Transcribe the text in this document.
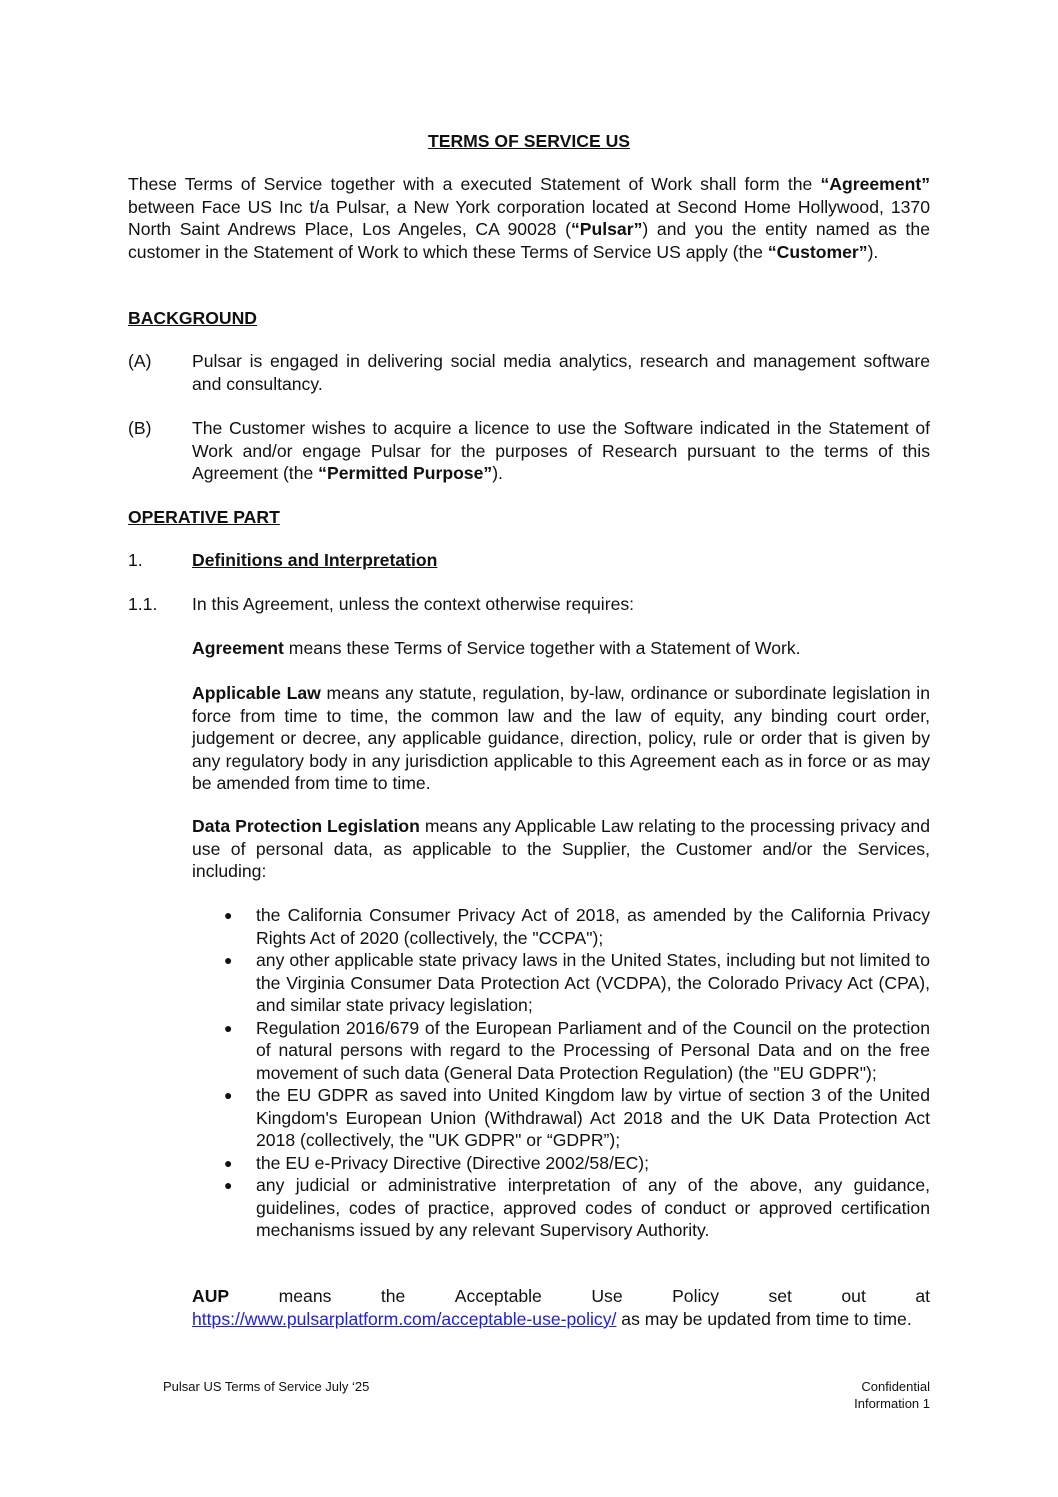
TERMS OF SERVICE US
These Terms of Service together with a executed Statement of Work shall form the “Agreement” between Face US Inc t/a Pulsar, a New York corporation located at Second Home Hollywood, 1370 North Saint Andrews Place, Los Angeles, CA 90028 (“Pulsar”) and you the entity named as the customer in the Statement of Work to which these Terms of Service US apply (the “Customer”).
BACKGROUND
(A) Pulsar is engaged in delivering social media analytics, research and management software and consultancy.
(B) The Customer wishes to acquire a licence to use the Software indicated in the Statement of Work and/or engage Pulsar for the purposes of Research pursuant to the terms of this Agreement (the “Permitted Purpose”).
OPERATIVE PART
1.	Definitions and Interpretation
1.1. In this Agreement, unless the context otherwise requires:
Agreement means these Terms of Service together with a Statement of Work.
Applicable Law means any statute, regulation, by-law, ordinance or subordinate legislation in force from time to time, the common law and the law of equity, any binding court order, judgement or decree, any applicable guidance, direction, policy, rule or order that is given by any regulatory body in any jurisdiction applicable to this Agreement each as in force or as may be amended from time to time.
Data Protection Legislation means any Applicable Law relating to the processing privacy and use of personal data, as applicable to the Supplier, the Customer and/or the Services, including:
● the California Consumer Privacy Act of 2018, as amended by the California Privacy Rights Act of 2020 (collectively, the "CCPA");
● any other applicable state privacy laws in the United States, including but not limited to the Virginia Consumer Data Protection Act (VCDPA), the Colorado Privacy Act (CPA), and similar state privacy legislation;
● Regulation 2016/679 of the European Parliament and of the Council on the protection of natural persons with regard to the Processing of Personal Data and on the free movement of such data (General Data Protection Regulation) (the "EU GDPR");
● the EU GDPR as saved into United Kingdom law by virtue of section 3 of the United Kingdom's European Union (Withdrawal) Act 2018 and the UK Data Protection Act 2018 (collectively, the "UK GDPR" or “GDPR”);
● the EU e-Privacy Directive (Directive 2002/58/EC);
● any judicial or administrative interpretation of any of the above, any guidance, guidelines, codes of practice, approved codes of conduct or approved certification mechanisms issued by any relevant Supervisory Authority.
AUP	means	the	Acceptable	Use	Policy	set	out	at
https://www.pulsarplatform.com/acceptable-use-policy/ as may be updated from time to time.
Pulsar US Terms of Service July ‘25	Confidential
Information 1
